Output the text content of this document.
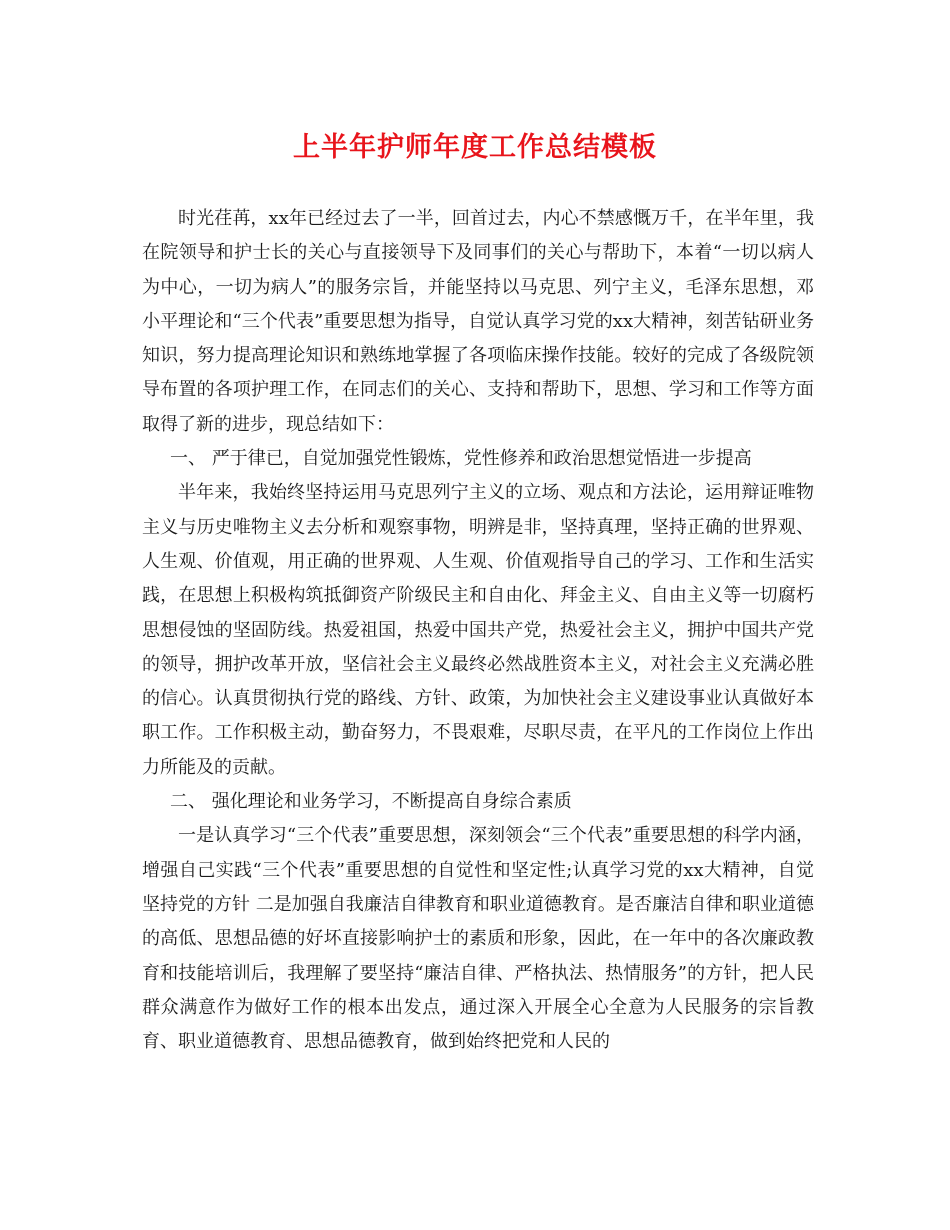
上半年护师年度工作总结模板

时光荏苒，xx年已经过去了一半，回首过去，内心不禁感慨万千，在半年里，我在院领导和护士长的关心与直接领导下及同事们的关心与帮助下，本着“一切以病人为中心，一切为病人”的服务宗旨，并能坚持以马克思、列宁主义，毛泽东思想，邓小平理论和“三个代表”重要思想为指导，自觉认真学习党的xx大精神，刻苦钻研业务知识，努力提高理论知识和熟练地掌握了各项临床操作技能。较好的完成了各级院领导布置的各项护理工作，在同志们的关心、支持和帮助下，思想、学习和工作等方面取得了新的进步，现总结如下：

一、 严于律已，自觉加强党性锻炼，党性修养和政治思想觉悟进一步提高

半年来，我始终坚持运用马克思列宁主义的立场、观点和方法论，运用辩证唯物主义与历史唯物主义去分析和观察事物，明辨是非，坚持真理，坚持正确的世界观、人生观、价值观，用正确的世界观、人生观、价值观指导自己的学习、工作和生活实践，在思想上积极构筑抵御资产阶级民主和自由化、拜金主义、自由主义等一切腐朽思想侵蚀的坚固防线。热爱祖国，热爱中国共产党，热爱社会主义，拥护中国共产党的领导，拥护改革开放，坚信社会主义最终必然战胜资本主义，对社会主义充满必胜的信心。认真贯彻执行党的路线、方针、政策，为加快社会主义建设事业认真做好本职工作。工作积极主动，勤奋努力，不畏艰难，尽职尽责，在平凡的工作岗位上作出力所能及的贡献。

二、 强化理论和业务学习，不断提高自身综合素质

一是认真学习“三个代表”重要思想，深刻领会“三个代表”重要思想的科学内涵，增强自己实践“三个代表”重要思想的自觉性和坚定性;认真学习党的xx大精神，自觉坚持党的方针 二是加强自我廉洁自律教育和职业道德教育。是否廉洁自律和职业道德的高低、思想品德的好坏直接影响护士的素质和形象，因此，在一年中的各次廉政教育和技能培训后，我理解了要坚持“廉洁自律、严格执法、热情服务”的方针，把人民群众满意作为做好工作的根本出发点，通过深入开展全心全意为人民服务的宗旨教育、职业道德教育、思想品德教育，做到始终把党和人民的
